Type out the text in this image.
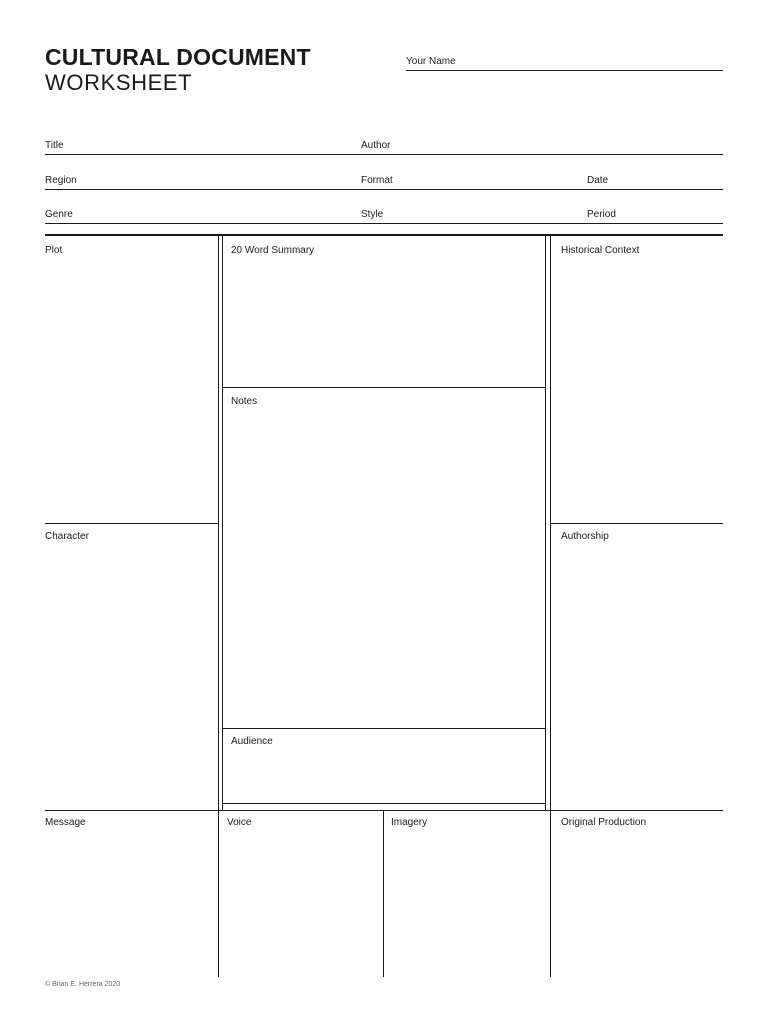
CULTURAL DOCUMENT
WORKSHEET
Your Name
Title	Author
Region	Format	Date
Genre	Style	Period
Plot	20 Word Summary	Historical Context
Notes
Character	Authorship
Audience
Message	Voice	Imagery	Original Production
© Brian E. Herrera 2020
